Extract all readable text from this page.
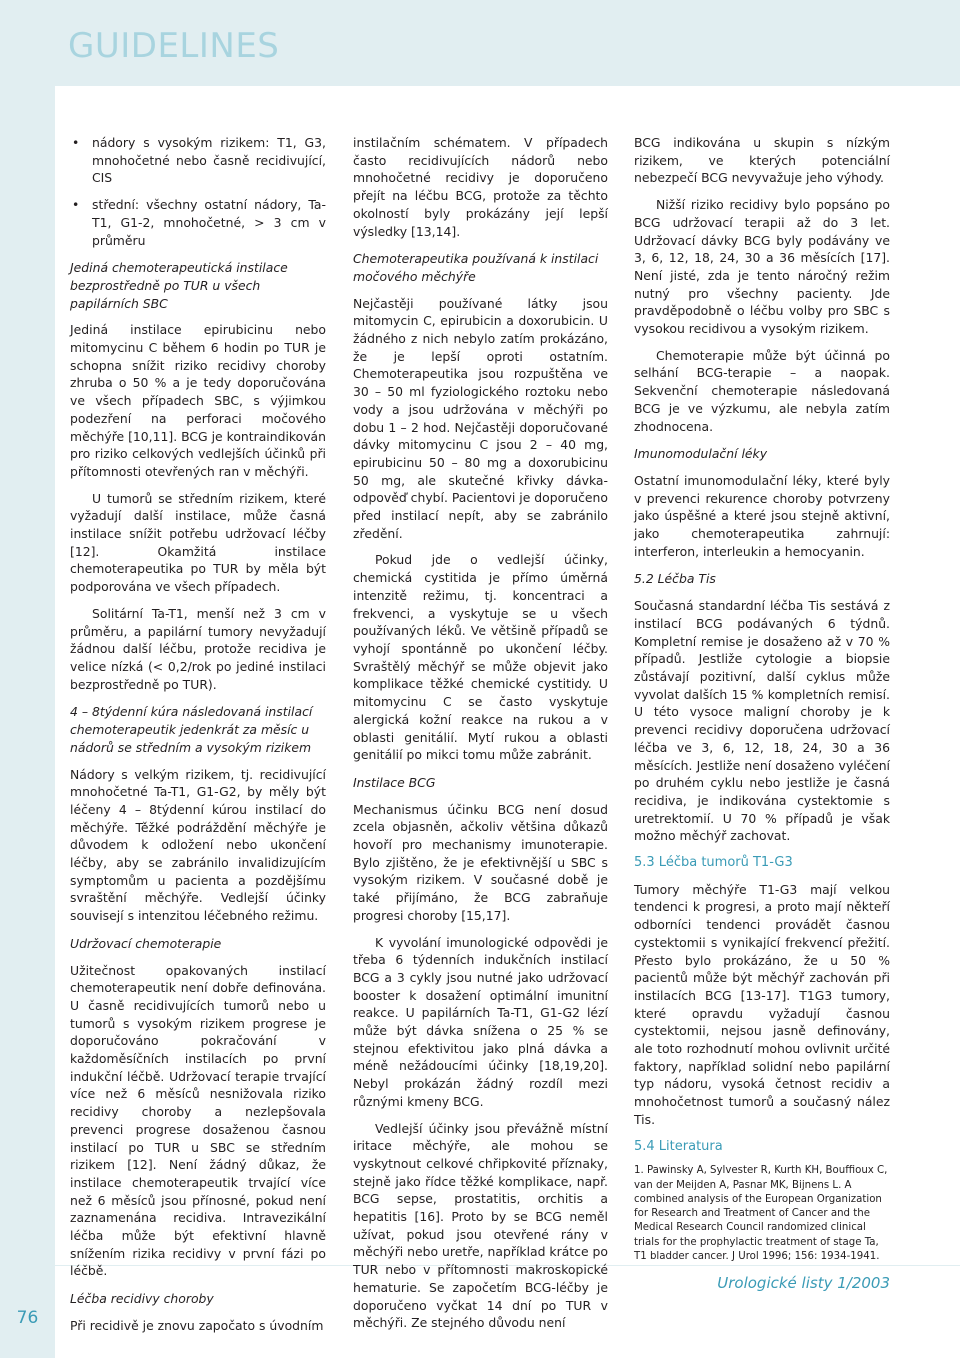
GUIDELINES
76
Urologické listy 1/2003

• nádory s vysokým rizikem: T1, G3, mnohočetné nebo časně recidivující, CIS

• střední: všechny ostatní nádory, Ta-T1, G1-2, mnohočetné, > 3 cm v průměru

Jediná chemoterapeutická instilace bezprostředně po TUR u všech papilárních SBC

Jediná instilace epirubicinu nebo mitomycinu C během 6 hodin po TUR je schopna snížit riziko recidivy choroby zhruba o 50 % a je tedy doporučována ve všech případech SBC, s výjimkou podezření na perforaci močového měchýře [10,11]. BCG je kontraindikován pro riziko celkových vedlejších účinků při přítomnosti otevřených ran v měchýři.

U tumorů se středním rizikem, které vyžadují další instilace, může časná instilace snížit potřebu udržovací léčby [12]. Okamžitá instilace chemoterapeutika po TUR by měla být podporována ve všech případech.

Solitární Ta-T1, menší než 3 cm v průměru, a papilární tumory nevyžadují žádnou další léčbu, protože recidiva je velice nízká (< 0,2/rok po jediné instilaci bezprostředně po TUR).

4 – 8týdenní kúra následovaná instilací chemoterapeutik jedenkrát za měsíc u nádorů se středním a vysokým rizikem

Nádory s velkým rizikem, tj. recidivující mnohočetné Ta-T1, G1-G2, by měly být léčeny 4 – 8týdenní kúrou instilací do měchýře. Těžké podráždění měchýře je důvodem k odložení nebo ukončení léčby, aby se zabránilo invalidizujícím symptomům u pacienta a pozdějšímu svraštění měchýře. Vedlejší účinky souvisejí s intenzitou léčebného režimu.

Udržovací chemoterapie

Užitečnost opakovaných instilací chemoterapeutik není dobře definována. U časně recidivujících tumorů nebo u tumorů s vysokým rizikem progrese je doporučováno pokračování v každoměsíčních instilacích po první indukční léčbě. Udržovací terapie trvající více než 6 měsíců nesnižovala riziko recidivy choroby a nezlepšovala prevenci progrese dosaženou časnou instilací po TUR u SBC se středním rizikem [12]. Není žádný důkaz, že instilace chemoterapeutik trvající více než 6 měsíců jsou přínosné, pokud není zaznamenána recidiva. Intravezikální léčba může být efektivní hlavně snížením rizika recidivy v první fázi po léčbě.

Léčba recidivy choroby

Při recidivě je znovu započato s úvodním

instilačním schématem. V případech často recidivujících nádorů nebo mnohočetné recidivy je doporučeno přejít na léčbu BCG, protože za těchto okolností byly prokázány její lepší výsledky [13,14].

Chemoterapeutika používaná k instilaci močového měchýře

Nejčastěji používané látky jsou mitomycin C, epirubicin a doxorubicin. U žádného z nich nebylo zatím prokázáno, že je lepší oproti ostatním. Chemoterapeutika jsou rozpuštěna ve 30 – 50 ml fyziologického roztoku nebo vody a jsou udržována v měchýři po dobu 1 – 2 hod. Nejčastěji doporučované dávky mitomycinu C jsou 2 – 40 mg, epirubicinu 50 – 80 mg a doxorubicinu 50 mg, ale skutečné křivky dávka-odpověď chybí. Pacientovi je doporučeno před instilací nepít, aby se zabránilo zředění.

Pokud jde o vedlejší účinky, chemická cystitida je přímo úměrná intenzitě režimu, tj. koncentraci a frekvenci, a vyskytuje se u všech používaných léků. Ve většině případů se vyhojí spontánně po ukončení léčby. Svraštělý měchýř se může objevit jako komplikace těžké chemické cystitidy. U mitomycinu C se často vyskytuje alergická kožní reakce na rukou a v oblasti genitálií. Mytí rukou a oblasti genitálií po mikci tomu může zabránit.

Instilace BCG

Mechanismus účinku BCG není dosud zcela objasněn, ačkoliv většina důkazů hovoří pro mechanismy imunoterapie. Bylo zjištěno, že je efektivnější u SBC s vysokým rizikem. V současné době je také přijímáno, že BCG zabraňuje progresi choroby [15,17].

K vyvolání imunologické odpovědi je třeba 6 týdenních indukčních instilací BCG a 3 cykly jsou nutné jako udržovací booster k dosažení optimální imunitní reakce. U papilárních Ta-T1, G1-G2 lézí může být dávka snížena o 25 % se stejnou efektivitou jako plná dávka a méně nežádoucími účinky [18,19,20]. Nebyl prokázán žádný rozdíl mezi různými kmeny BCG.

Vedlejší účinky jsou převážně místní iritace měchýře, ale mohou se vyskytnout celkové chřipkovité příznaky, stejně jako řídce těžké komplikace, např. BCG sepse, prostatitis, orchitis a hepatitis [16]. Proto by se BCG neměl užívat, pokud jsou otevřené rány v měchýři nebo uretře, například krátce po TUR nebo v přítomnosti makroskopické hematurie. Se započetím BCG-léčby je doporučeno vyčkat 14 dní po TUR v měchýři. Ze stejného důvodu není

BCG indikována u skupin s nízkým rizikem, ve kterých potenciální nebezpečí BCG nevyvažuje jeho výhody.

Nižší riziko recidivy bylo popsáno po BCG udržovací terapii až do 3 let. Udržovací dávky BCG byly podávány ve 3, 6, 12, 18, 24, 30 a 36 měsících [17]. Není jisté, zda je tento náročný režim nutný pro všechny pacienty. Jde pravděpodobně o léčbu volby pro SBC s vysokou recidivou a vysokým rizikem.

Chemoterapie může být účinná po selhání BCG-terapie – a naopak. Sekvenční chemoterapie následovaná BCG je ve výzkumu, ale nebyla zatím zhodnocena.

Imunomodulační léky

Ostatní imunomodulační léky, které byly v prevenci rekurence choroby potvrzeny jako úspěšné a které jsou stejně aktivní, jako chemoterapeutika zahrnují: interferon, interleukin a hemocyanin.

5.2 Léčba Tis

Současná standardní léčba Tis sestává z instilací BCG podávaných 6 týdnů. Kompletní remise je dosaženo až v 70 % případů. Jestliže cytologie a biopsie zůstávají pozitivní, další cyklus může vyvolat dalších 15 % kompletních remisí. U této vysoce maligní choroby je k prevenci recidivy doporučena udržovací léčba ve 3, 6, 12, 18, 24, 30 a 36 měsících. Jestliže není dosaženo vyléčení po druhém cyklu nebo jestliže je časná recidiva, je indikována cystektomie s uretrektomií. U 70 % případů je však možno měchýř zachovat.

5.3 Léčba tumorů T1-G3

Tumory měchýře T1-G3 mají velkou tendenci k progresi, a proto mají někteří odborníci tendenci provádět časnou cystektomii s vynikající frekvencí přežití. Přesto bylo prokázáno, že u 50 % pacientů může být měchýř zachován při instilacích BCG [13-17]. T1G3 tumory, které opravdu vyžadují časnou cystektomii, nejsou jasně definovány, ale toto rozhodnutí mohou ovlivnit určité faktory, například solidní nebo papilární typ nádoru, vysoká četnost recidiv a mnohočetnost tumorů a současný nález Tis.

5.4 Literatura

1. Pawinsky A, Sylvester R, Kurth KH, Bouffioux C, van der Meijden A, Pasnar MK, Bijnens L. A combined analysis of the European Organization for Research and Treatment of Cancer and the Medical Research Council randomized clinical trials for the prophylactic treatment of stage Ta, T1 bladder cancer. J Urol 1996; 156: 1934-1941.
